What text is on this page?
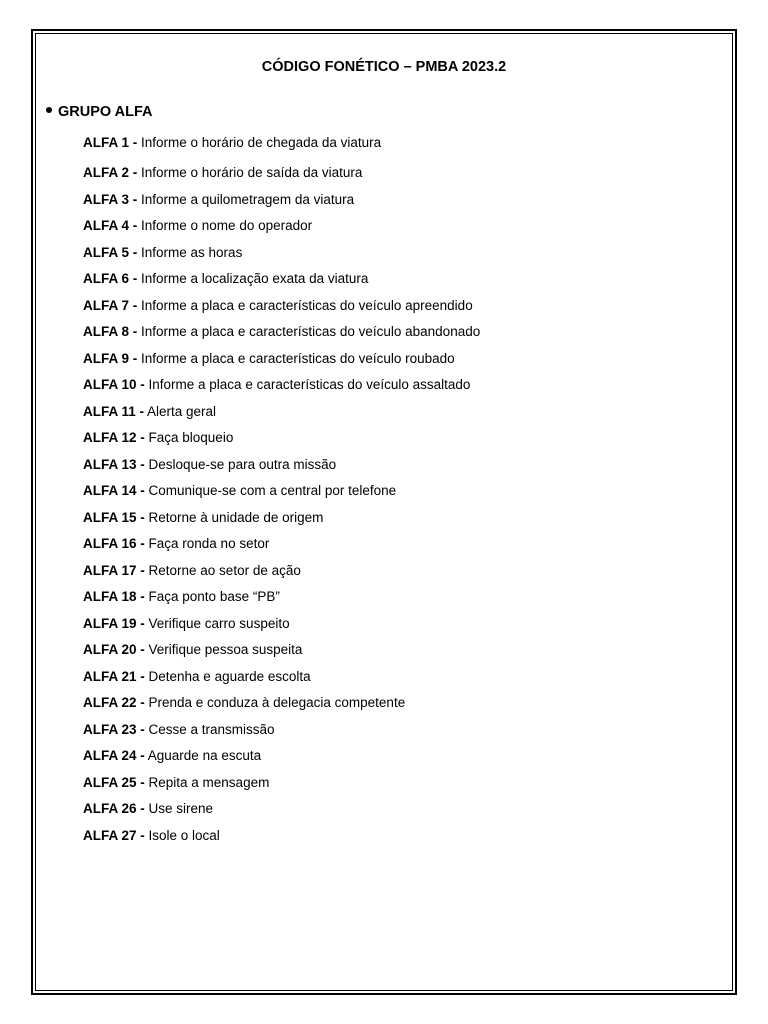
CÓDIGO FONÉTICO – PMBA 2023.2
GRUPO ALFA
ALFA 1 - Informe o horário de chegada da viatura
ALFA 2 - Informe o horário de saída da viatura
ALFA 3 - Informe a quilometragem da viatura
ALFA 4 - Informe o nome do operador
ALFA 5 - Informe as horas
ALFA 6 - Informe a localização exata da viatura
ALFA 7 - Informe a placa e características do veículo apreendido
ALFA 8 - Informe a placa e características do veículo abandonado
ALFA 9 - Informe a placa e características do veículo roubado
ALFA 10 - Informe a placa e características do veículo assaltado
ALFA 11 - Alerta geral
ALFA 12 - Faça bloqueio
ALFA 13 - Desloque-se para outra missão
ALFA 14 - Comunique-se com a central por telefone
ALFA 15 - Retorne à unidade de origem
ALFA 16 - Faça ronda no setor
ALFA 17 - Retorne ao setor de ação
ALFA 18 - Faça ponto base “PB”
ALFA 19 - Verifique carro suspeito
ALFA 20 - Verifique pessoa suspeita
ALFA 21 - Detenha e aguarde escolta
ALFA 22 - Prenda e conduza à delegacia competente
ALFA 23 - Cesse a transmissão
ALFA 24 - Aguarde na escuta
ALFA 25 - Repita a mensagem
ALFA 26 - Use sirene
ALFA 27 - Isole o local
